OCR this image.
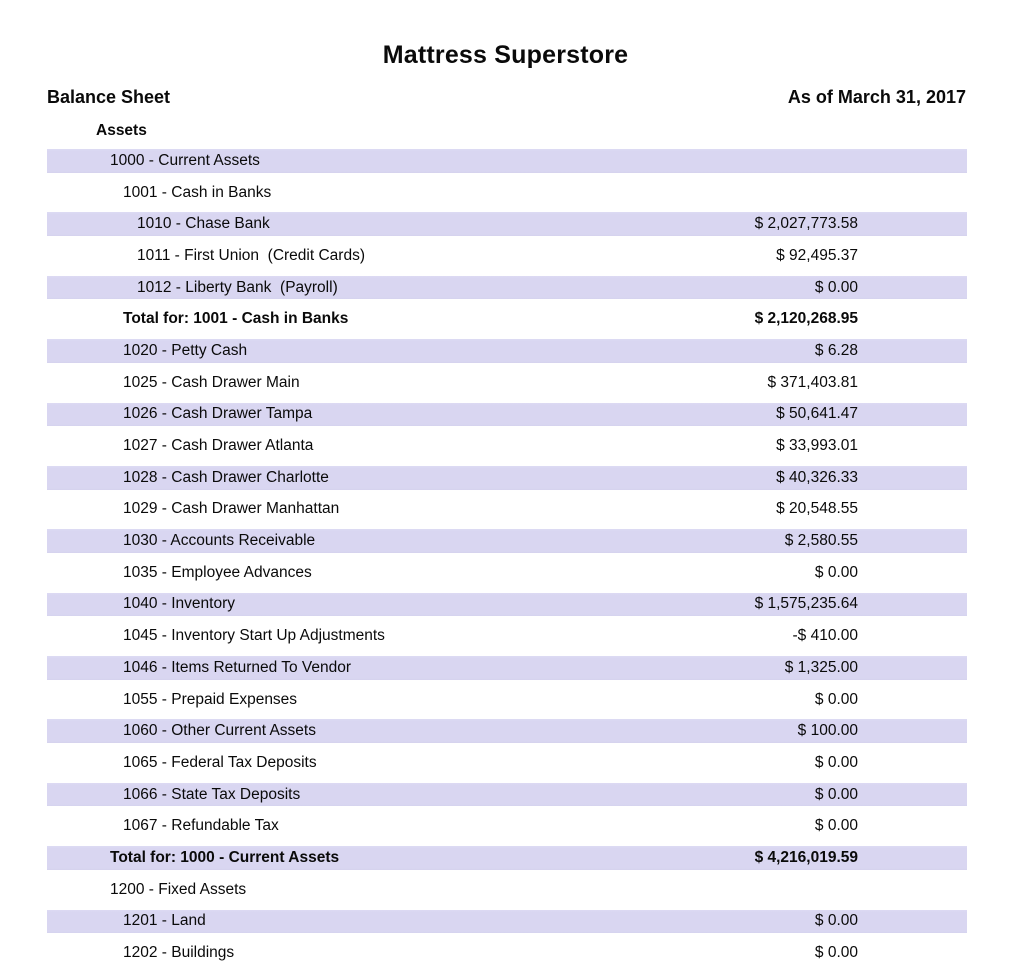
Mattress Superstore
Balance Sheet	As of March 31, 2017
Assets
1000 - Current Assets
1001 - Cash in Banks
1010 - Chase Bank	$ 2,027,773.58
1011 - First Union  (Credit Cards)	$ 92,495.37
1012 - Liberty Bank  (Payroll)	$ 0.00
Total for: 1001 - Cash in Banks	$ 2,120,268.95
1020 - Petty Cash	$ 6.28
1025 - Cash Drawer Main	$ 371,403.81
1026 - Cash Drawer Tampa	$ 50,641.47
1027 - Cash Drawer Atlanta	$ 33,993.01
1028 - Cash Drawer Charlotte	$ 40,326.33
1029 - Cash Drawer Manhattan	$ 20,548.55
1030 - Accounts Receivable	$ 2,580.55
1035 - Employee Advances	$ 0.00
1040 - Inventory	$ 1,575,235.64
1045 - Inventory Start Up Adjustments	-$ 410.00
1046 - Items Returned To Vendor	$ 1,325.00
1055 - Prepaid Expenses	$ 0.00
1060 - Other Current Assets	$ 100.00
1065 - Federal Tax Deposits	$ 0.00
1066 - State Tax Deposits	$ 0.00
1067 - Refundable Tax	$ 0.00
Total for: 1000 - Current Assets	$ 4,216,019.59
1200 - Fixed Assets
1201 - Land	$ 0.00
1202 - Buildings	$ 0.00
